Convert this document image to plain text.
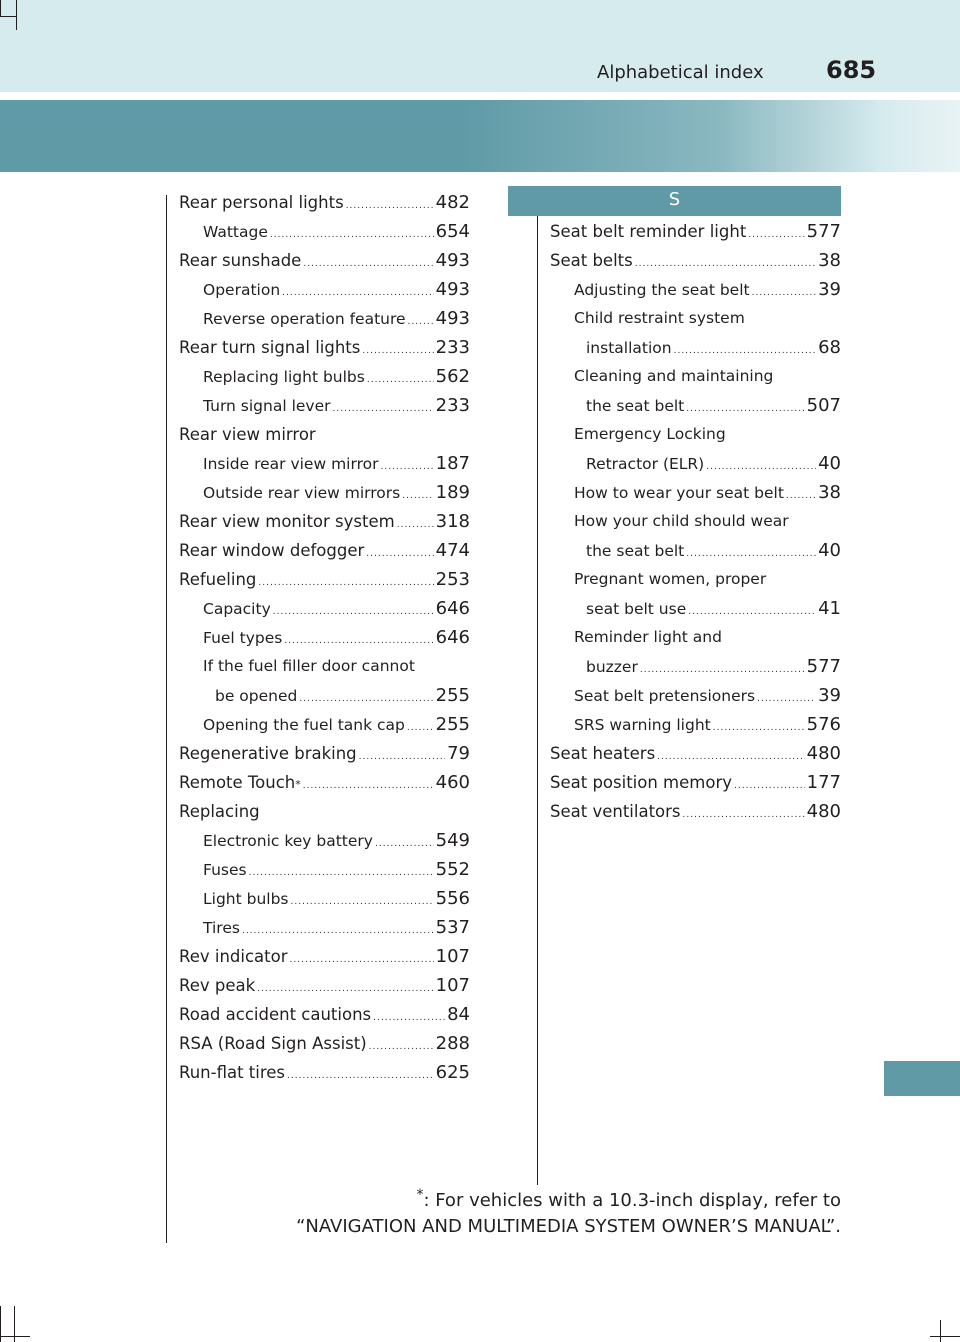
Alphabetical index	685
Rear personal lights .....	482
Wattage .....	654
Rear sunshade .....	493
Operation .....	493
Reverse operation feature ..... 493
Rear turn signal lights .....	233
Replacing light bulbs .....	562
Turn signal lever .....	233
Rear view mirror
Inside rear view mirror .....	187
Outside rear view mirrors ..... 189
Rear view monitor system ..... 318
Rear window defogger .....	474
Refueling .....	253
Capacity .....	646
Fuel types .....	646
If the fuel filler door cannot
be opened .....	255
Opening the fuel tank cap ..... 255
Regenerative braking .....	79
Remote Touch * .....	460
Replacing
Electronic key battery .....	549
Fuses .....	552
Light bulbs .....	556
Tires .....	537
Rev indicator .....	107
Rev peak .....	107
Road accident cautions .....	84
RSA (Road Sign Assist) .....	288
Run-flat tires .....	625
S
Seat belt reminder light .....	577
Seat belts .....	38
Adjusting the seat belt .....	39
Child restraint system
installation .....	68
Cleaning and maintaining
the seat belt .....	507
Emergency Locking
Retractor (ELR) .....	40
How to wear your seat belt ..... 38
How your child should wear
the seat belt .....	40
Pregnant women, proper
seat belt use .....	41
Reminder light and
buzzer .....	577
Seat belt pretensioners .....	39
SRS warning light .....	576
Seat heaters .....	480
Seat position memory .....	177
Seat ventilators .....	480
*: For vehicles with a 10.3-inch display, refer to
“NAVIGATION AND MULTIMEDIA SYSTEM OWNER’S MANUAL”.
